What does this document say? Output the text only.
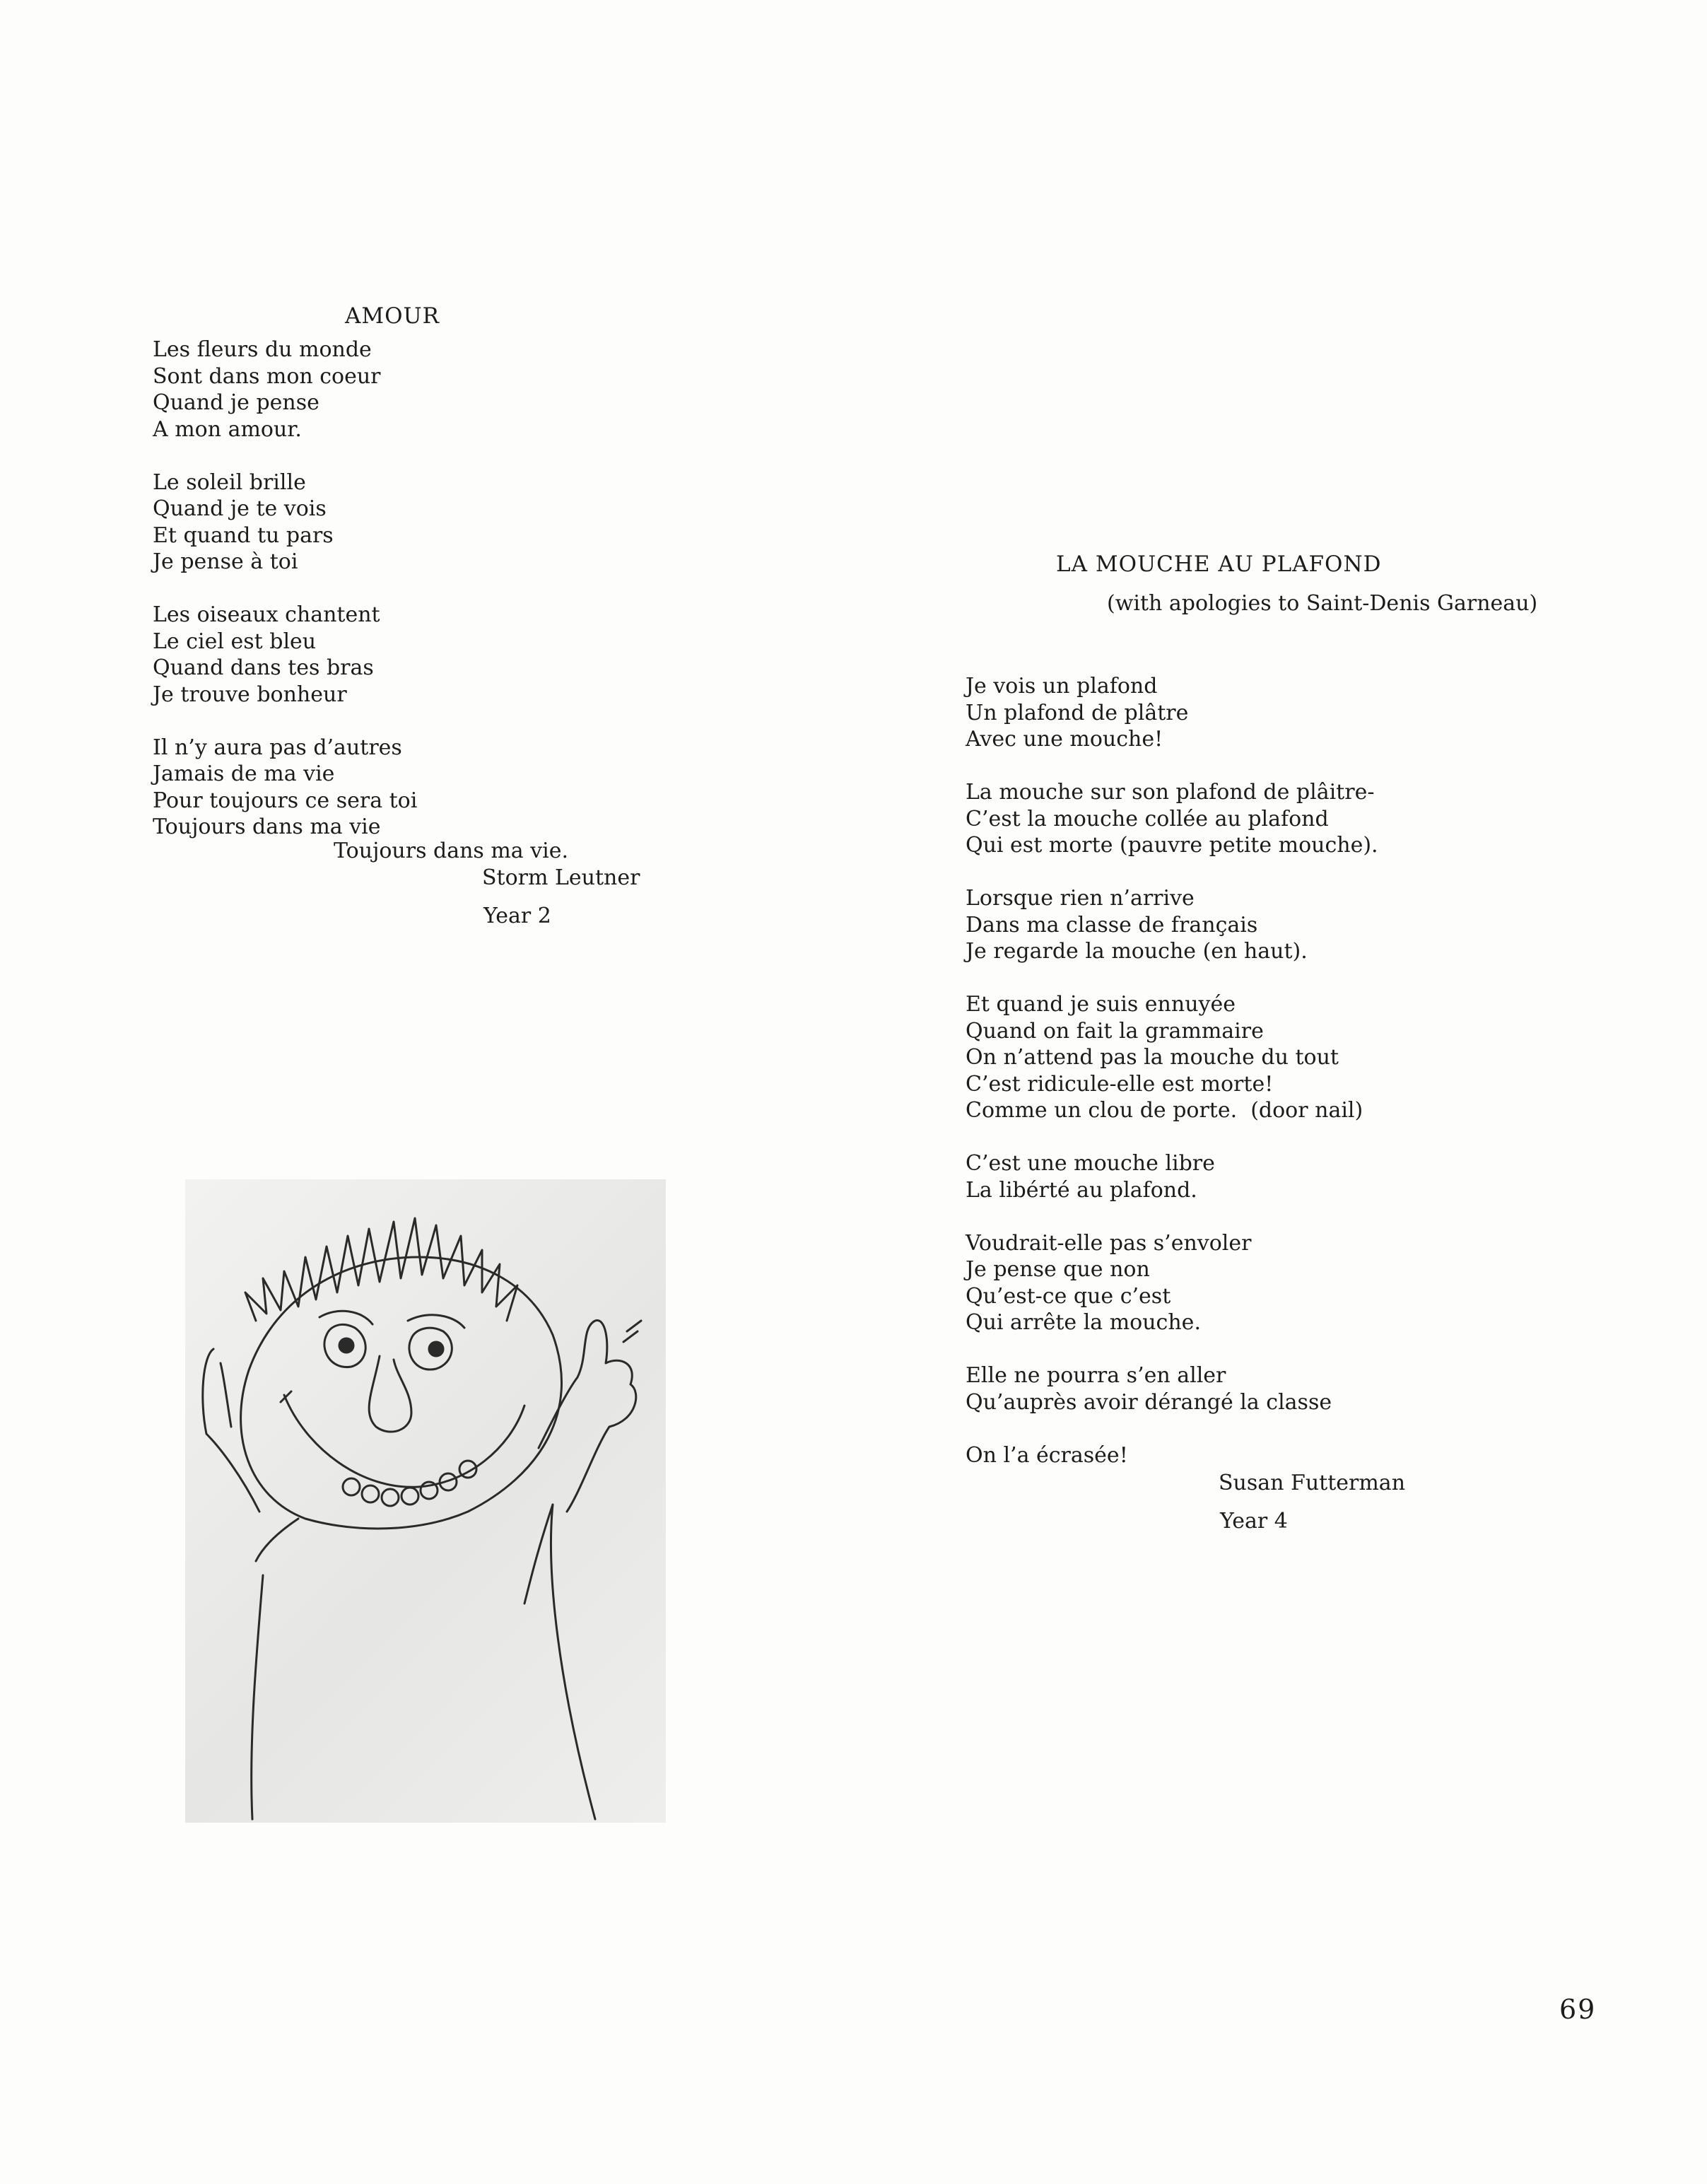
AMOUR
Les fleurs du monde
Sont dans mon coeur
Quand je pense
A mon amour.
Le soleil brille
Quand je te vois
Et quand tu pars
Je pense à toi
Les oiseaux chantent
Le ciel est bleu
Quand dans tes bras
Je trouve bonheur
Il n’y aura pas d’autres
Jamais de ma vie
Pour toujours ce sera toi
Toujours dans ma vie
Toujours dans ma vie.
Storm Leutner
Year 2
LA MOUCHE AU PLAFOND
(with apologies to Saint-Denis Garneau)
Je vois un plafond
Un plafond de plâtre
Avec une mouche!
La mouche sur son plafond de plâitre-
C’est la mouche collée au plafond
Qui est morte (pauvre petite mouche).
Lorsque rien n’arrive
Dans ma classe de français
Je regarde la mouche (en haut).
Et quand je suis ennuyée
Quand on fait la grammaire
On n’attend pas la mouche du tout
C’est ridicule-elle est morte!
Comme un clou de porte.  (door nail)
C’est une mouche libre
La libérté au plafond.
Voudrait-elle pas s’envoler
Je pense que non
Qu’est-ce que c’est
Qui arrête la mouche.
Elle ne pourra s’en aller
Qu’auprès avoir dérangé la classe
On l’a écrasée!
Susan Futterman
Year 4
69
